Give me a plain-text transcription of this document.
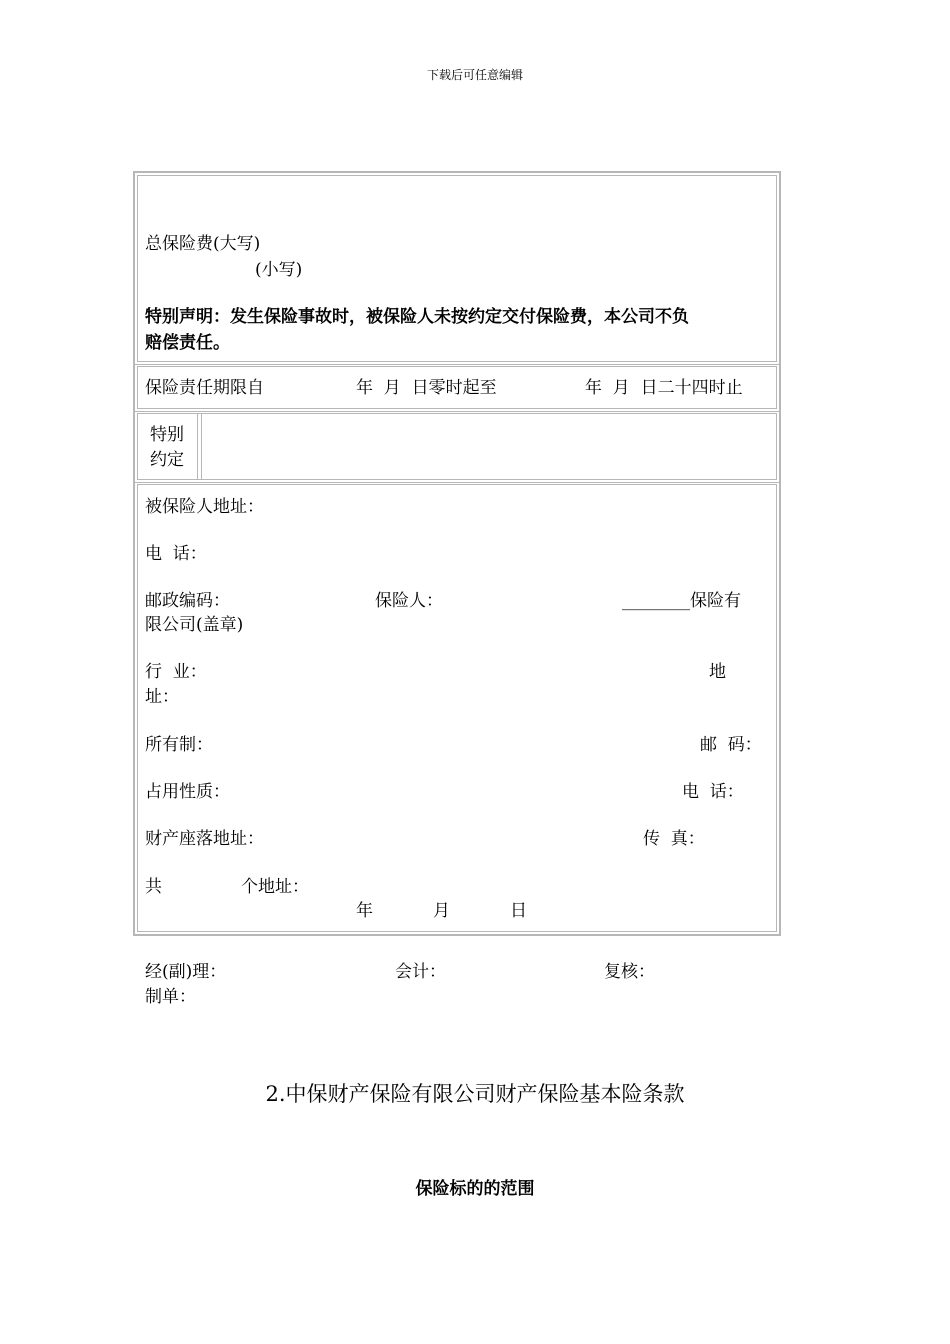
下载后可任意编辑
总保险费(大写)
(小写)
特别声明：发生保险事故时，被保险人未按约定交付保险费，本公司不负
赔偿责任。
保险责任期限自	年  月  日零时起至	年  月  日二十四时止
特别
约定
被保险人地址：
电  话：
邮政编码：	保险人：	________保险有
限公司(盖章)
行  业：	地
址：
所有制：	邮  码：
占用性质：	电  话：
财产座落地址：	传  真：
共	个地址：
年	月	日
经(副)理：	会计：	复核：
制单：
2.中保财产保险有限公司财产保险基本险条款
保险标的的范围
